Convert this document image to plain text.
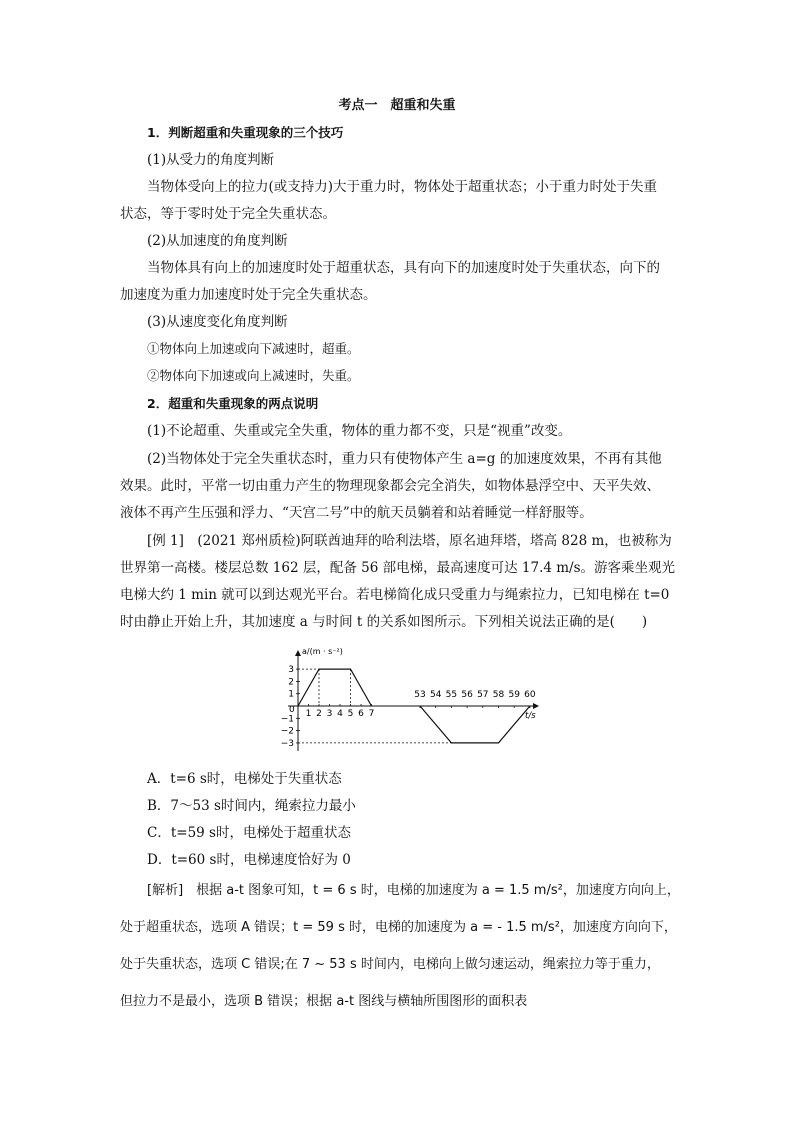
考点一　超重和失重
1．判断超重和失重现象的三个技巧
(1)从受力的角度判断
当物体受向上的拉力(或支持力)大于重力时，物体处于超重状态；小于重力时处于失重
状态，等于零时处于完全失重状态。
(2)从加速度的角度判断
当物体具有向上的加速度时处于超重状态，具有向下的加速度时处于失重状态，向下的
加速度为重力加速度时处于完全失重状态。
(3)从速度变化角度判断
①物体向上加速或向下减速时，超重。
②物体向下加速或向上减速时，失重。
2．超重和失重现象的两点说明
(1)不论超重、失重或完全失重，物体的重力都不变，只是“视重”改变。
(2)当物体处于完全失重状态时，重力只有使物体产生 a=g 的加速度效果，不再有其他
效果。此时，平常一切由重力产生的物理现象都会完全消失，如物体悬浮空中、天平失效、
液体不再产生压强和浮力、“天宫二号”中的航天员躺着和站着睡觉一样舒服等。
[例 1]　(2021 郑州质检)阿联酋迪拜的哈利法塔，原名迪拜塔，塔高 828 m，也被称为
世界第一高楼。楼层总数 162 层，配备 56 部电梯，最高速度可达 17.4 m/s。游客乘坐观光
电梯大约 1 min 就可以到达观光平台。若电梯简化成只受重力与绳索拉力，已知电梯在 t=0
时由静止开始上升，其加速度 a 与时间 t 的关系如图所示。下列相关说法正确的是(　　)
3
2
1
−1
−2
−3
1 2 3 4 5 6 7
53 54 55 56 57 58 59 60
a/(m · s⁻²)
t/s
0
A．t=6 s时，电梯处于失重状态
B．7～53 s时间内，绳索拉力最小
C．t=59 s时，电梯处于超重状态
D．t=60 s时，电梯速度恰好为 0
[解析]　根据 a-t 图象可知，t = 6 s 时，电梯的加速度为 a = 1.5 m/s²，加速度方向向上，
处于超重状态，选项 A 错误；t = 59 s 时，电梯的加速度为 a = - 1.5 m/s²，加速度方向向下，
处于失重状态，选项 C 错误;在 7 ~ 53 s 时间内，电梯向上做匀速运动，绳索拉力等于重力，
但拉力不是最小，选项 B 错误；根据 a-t 图线与横轴所围图形的面积表
